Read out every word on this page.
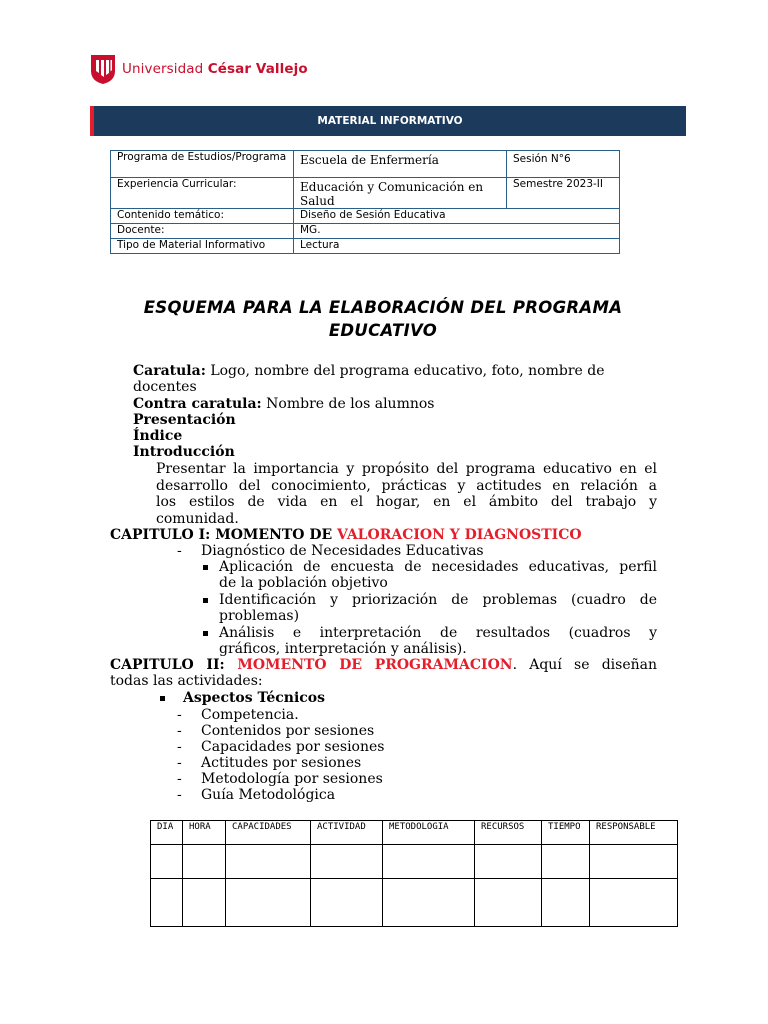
Universidad César Vallejo
MATERIAL INFORMATIVO
Programa de Estudios/Programa	Escuela de Enfermería	Sesión N°6
Experiencia Curricular:	Educación y Comunicación en Salud	Semestre 2023-II
Contenido temático:	Diseño de Sesión Educativa	
Docente:	MG.	
Tipo de Material Informativo	Lectura	
ESQUEMA PARA LA ELABORACIÓN DEL PROGRAMA EDUCATIVO
Caratula: Logo, nombre del programa educativo, foto, nombre de
docentes
Contra caratula: Nombre de los alumnos
Presentación
Índice
Introducción
Presentar la importancia y propósito del programa educativo en el
desarrollo del conocimiento, prácticas y actitudes en relación a
los estilos de vida en el hogar, en el ámbito del trabajo y
comunidad.
CAPITULO I: MOMENTO DE VALORACION Y DIAGNOSTICO
- Diagnóstico de Necesidades Educativas
Aplicación de encuesta de necesidades educativas, perfil
de la población objetivo
Identificación y priorización de problemas (cuadro de
problemas)
Análisis e interpretación de resultados (cuadros y
gráficos, interpretación y análisis).
CAPITULO II: MOMENTO DE PROGRAMACION. Aquí se diseñan
todas las actividades:
Aspectos Técnicos
- Competencia.
- Contenidos por sesiones
- Capacidades por sesiones
- Actitudes por sesiones
- Metodología por sesiones
- Guía Metodológica
DIA	HORA	CAPACIDADES	ACTIVIDAD	METODOLOGIA	RECURSOS	TIEMPO	RESPONSABLE
